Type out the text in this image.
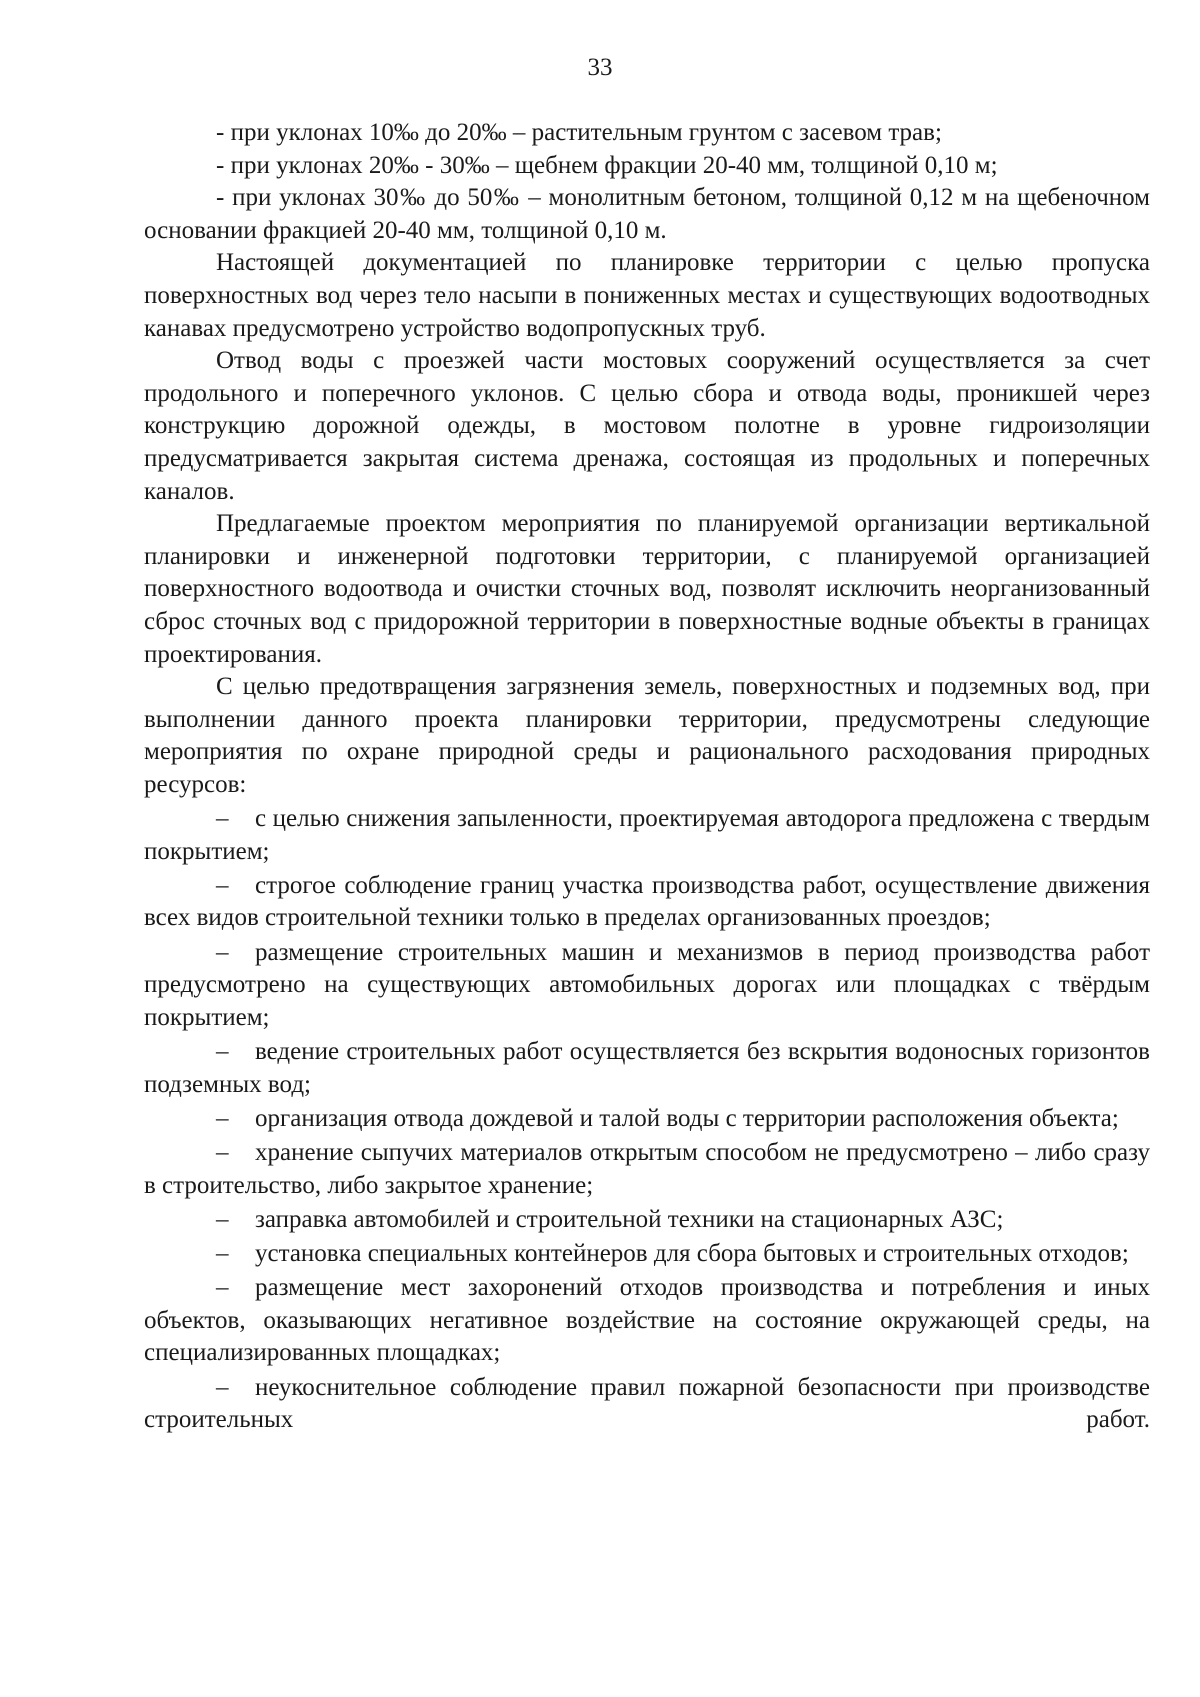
33

- при уклонах 10‰ до 20‰ – растительным грунтом с засевом трав;

- при уклонах 20‰ - 30‰ – щебнем фракции 20-40 мм, толщиной 0,10 м;

- при уклонах 30‰ до 50‰ – монолитным бетоном, толщиной 0,12 м на щебеночном основании фракцией 20-40 мм, толщиной 0,10 м.

Настоящей документацией по планировке территории с целью пропуска поверхностных вод через тело насыпи в пониженных местах и существующих водоотводных канавах предусмотрено устройство водопропускных труб.

Отвод воды с проезжей части мостовых сооружений осуществляется за счет продольного и поперечного уклонов. С целью сбора и отвода воды, проникшей через конструкцию дорожной одежды, в мостовом полотне в уровне гидроизоляции предусматривается закрытая система дренажа, состоящая из продольных и поперечных каналов.

Предлагаемые проектом мероприятия по планируемой организации вертикальной планировки и инженерной подготовки территории, с планируемой организацией поверхностного водоотвода и очистки сточных вод, позволят исключить неорганизованный сброс сточных вод с придорожной территории в поверхностные водные объекты в границах проектирования.

С целью предотвращения загрязнения земель, поверхностных и подземных вод, при выполнении данного проекта планировки территории, предусмотрены следующие мероприятия по охране природной среды и рационального расходования природных ресурсов:

– с целью снижения запыленности, проектируемая автодорога предложена с твердым покрытием;

– строгое соблюдение границ участка производства работ, осуществление движения всех видов строительной техники только в пределах организованных проездов;

– размещение строительных машин и механизмов в период производства работ предусмотрено на существующих автомобильных дорогах или площадках с твёрдым покрытием;

– ведение строительных работ осуществляется без вскрытия водоносных горизонтов подземных вод;

– организация отвода дождевой и талой воды с территории расположения объекта;

– хранение сыпучих материалов открытым способом не предусмотрено – либо сразу в строительство, либо закрытое хранение;

– заправка автомобилей и строительной техники на стационарных АЗС;

– установка специальных контейнеров для сбора бытовых и строительных отходов;

– размещение мест захоронений отходов производства и потребления и иных объектов, оказывающих негативное воздействие на состояние окружающей среды, на специализированных площадках;

– неукоснительное соблюдение правил пожарной безопасности при производстве строительных работ.
